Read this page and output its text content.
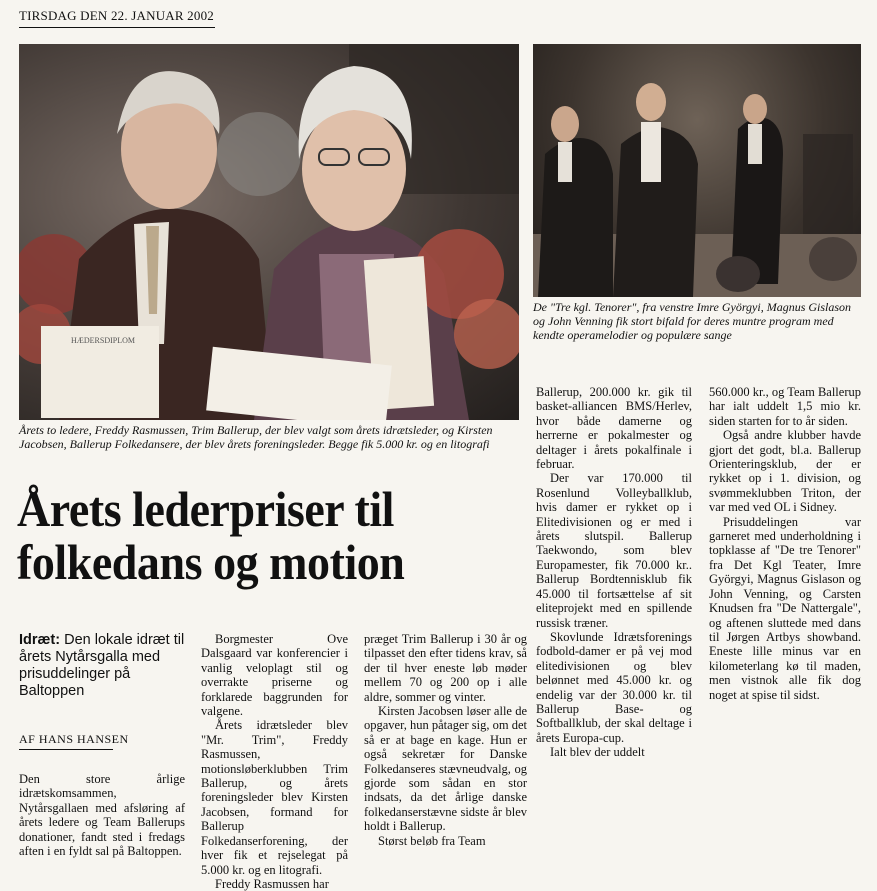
TIRSDAG DEN 22. JANUAR 2002
HÆDERSDIPLOM
Årets to ledere, Freddy Rasmussen, Trim Ballerup, der blev valgt som årets idrætsleder, og Kirsten Jacobsen, Ballerup Folkedansere, der blev årets foreningsleder. Begge fik 5.000 kr. og en litografi
De "Tre kgl. Tenorer", fra venstre Imre Györgyi, Magnus Gislason og John Venning fik stort bifald for deres muntre program med kendte operamelodier og populære sange
Årets lederpriser til folkedans og motion
Idræt: Den lokale idræt til årets Nytårsgalla med prisuddelinger på Baltoppen
AF HANS HANSEN

Den store årlige idrætskomsammen, Nytårsgallaen med afsløring af årets ledere og Team Ballerups donationer, fandt sted i fredags aften i en fyldt sal på Baltoppen.

Borgmester Ove Dalsgaard var konferencier i vanlig veloplagt stil og overrakte priserne og forklarede baggrunden for valgene.

Årets idrætsleder blev "Mr. Trim", Freddy Rasmussen, motionsløberklubben Trim Ballerup, og årets foreningsleder blev Kirsten Jacobsen, formand for Ballerup Folkedanserforening, der hver fik et rejselegat på 5.000 kr. og en litografi.

Freddy Rasmussen har

præget Trim Ballerup i 30 år og tilpasset den efter tidens krav, så der til hver eneste løb møder mellem 70 og 200 op i alle aldre, sommer og vinter.

Kirsten Jacobsen løser alle de opgaver, hun påtager sig, om det så er at bage en kage. Hun er også sekretær for Danske Folkedanseres stævneudvalg, og gjorde som sådan en stor indsats, da det årlige danske folkedanserstævne sidste år blev holdt i Ballerup.

Størst beløb fra Team

Ballerup, 200.000 kr. gik til basket-alliancen BMS/Herlev, hvor både damerne og herrerne er pokalmester og deltager i årets pokalfinale i februar.

Der var 170.000 til Rosenlund Volleyballklub, hvis damer er rykket op i Elitedivisionen og er med i årets slutspil. Ballerup Taekwondo, som blev Europamester, fik 70.000 kr.. Ballerup Bordtennisklub fik 45.000 til fortsættelse af sit eliteprojekt med en spillende russisk træner.

Skovlunde Idrætsforenings fodbold-damer er på vej mod elitedivisionen og blev belønnet med 45.000 kr. og endelig var der 30.000 kr. til Ballerup Base- og Softballklub, der skal deltage i årets Europa-cup.

Ialt blev der uddelt

560.000 kr., og Team Ballerup har ialt uddelt 1,5 mio kr. siden starten for to år siden.

Også andre klubber havde gjort det godt, bl.a. Ballerup Orienteringsklub, der er rykket op i 1. division, og svømmeklubben Triton, der var med ved OL i Sidney.

Prisuddelingen var garneret med underholdning i topklasse af "De tre Tenorer" fra Det Kgl Teater, Imre Györgyi, Magnus Gislason og John Venning, og Carsten Knudsen fra "De Nattergale", og aftenen sluttede med dans til Jørgen Artbys showband. Eneste lille minus var en kilometerlang kø til maden, men vistnok alle fik dog noget at spise til sidst.
